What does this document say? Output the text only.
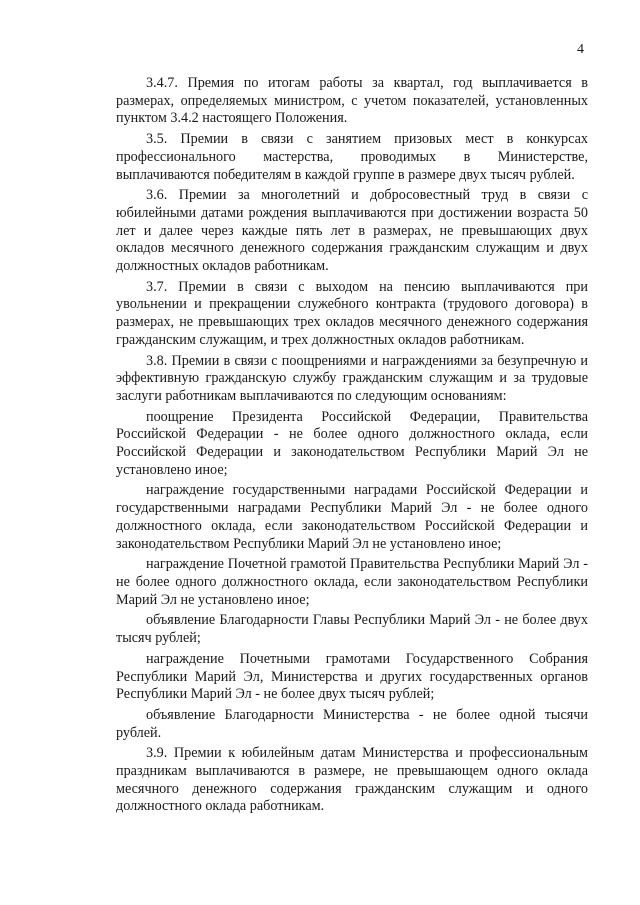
4

3.4.7. Премия по итогам работы за квартал, год выплачивается в размерах, определяемых министром, с учетом показателей, установленных пунктом 3.4.2 настоящего Положения.

3.5. Премии в связи с занятием призовых мест в конкурсах профессионального мастерства, проводимых в Министерстве, выплачиваются победителям в каждой группе в размере двух тысяч рублей.

3.6. Премии за многолетний и добросовестный труд в связи с юбилейными датами рождения выплачиваются при достижении возраста 50 лет и далее через каждые пять лет в размерах, не превышающих двух окладов месячного денежного содержания гражданским служащим и двух должностных окладов работникам.

3.7. Премии в связи с выходом на пенсию выплачиваются при увольнении и прекращении служебного контракта (трудового договора) в размерах, не превышающих трех окладов месячного денежного содержания гражданским служащим, и трех должностных окладов работникам.

3.8. Премии в связи с поощрениями и награждениями за безупречную и эффективную гражданскую службу гражданским служащим и за трудовые заслуги работникам выплачиваются по следующим основаниям:

поощрение Президента Российской Федерации, Правительства Российской Федерации - не более одного должностного оклада, если Российской Федерации и законодательством Республики Марий Эл не установлено иное;

награждение государственными наградами Российской Федерации и государственными наградами Республики Марий Эл - не более одного должностного оклада, если законодательством Российской Федерации и законодательством Республики Марий Эл не установлено иное;

награждение Почетной грамотой Правительства Республики Марий Эл - не более одного должностного оклада, если законодательством Республики Марий Эл не установлено иное;

объявление Благодарности Главы Республики Марий Эл - не более двух тысяч рублей;

награждение Почетными грамотами Государственного Собрания Республики Марий Эл, Министерства и других государственных органов Республики Марий Эл - не более двух тысяч рублей;

объявление Благодарности Министерства - не более одной тысячи рублей.

3.9. Премии к юбилейным датам Министерства и профессиональным праздникам выплачиваются в размере, не превышающем одного оклада месячного денежного содержания гражданским служащим и одного должностного оклада работникам.
